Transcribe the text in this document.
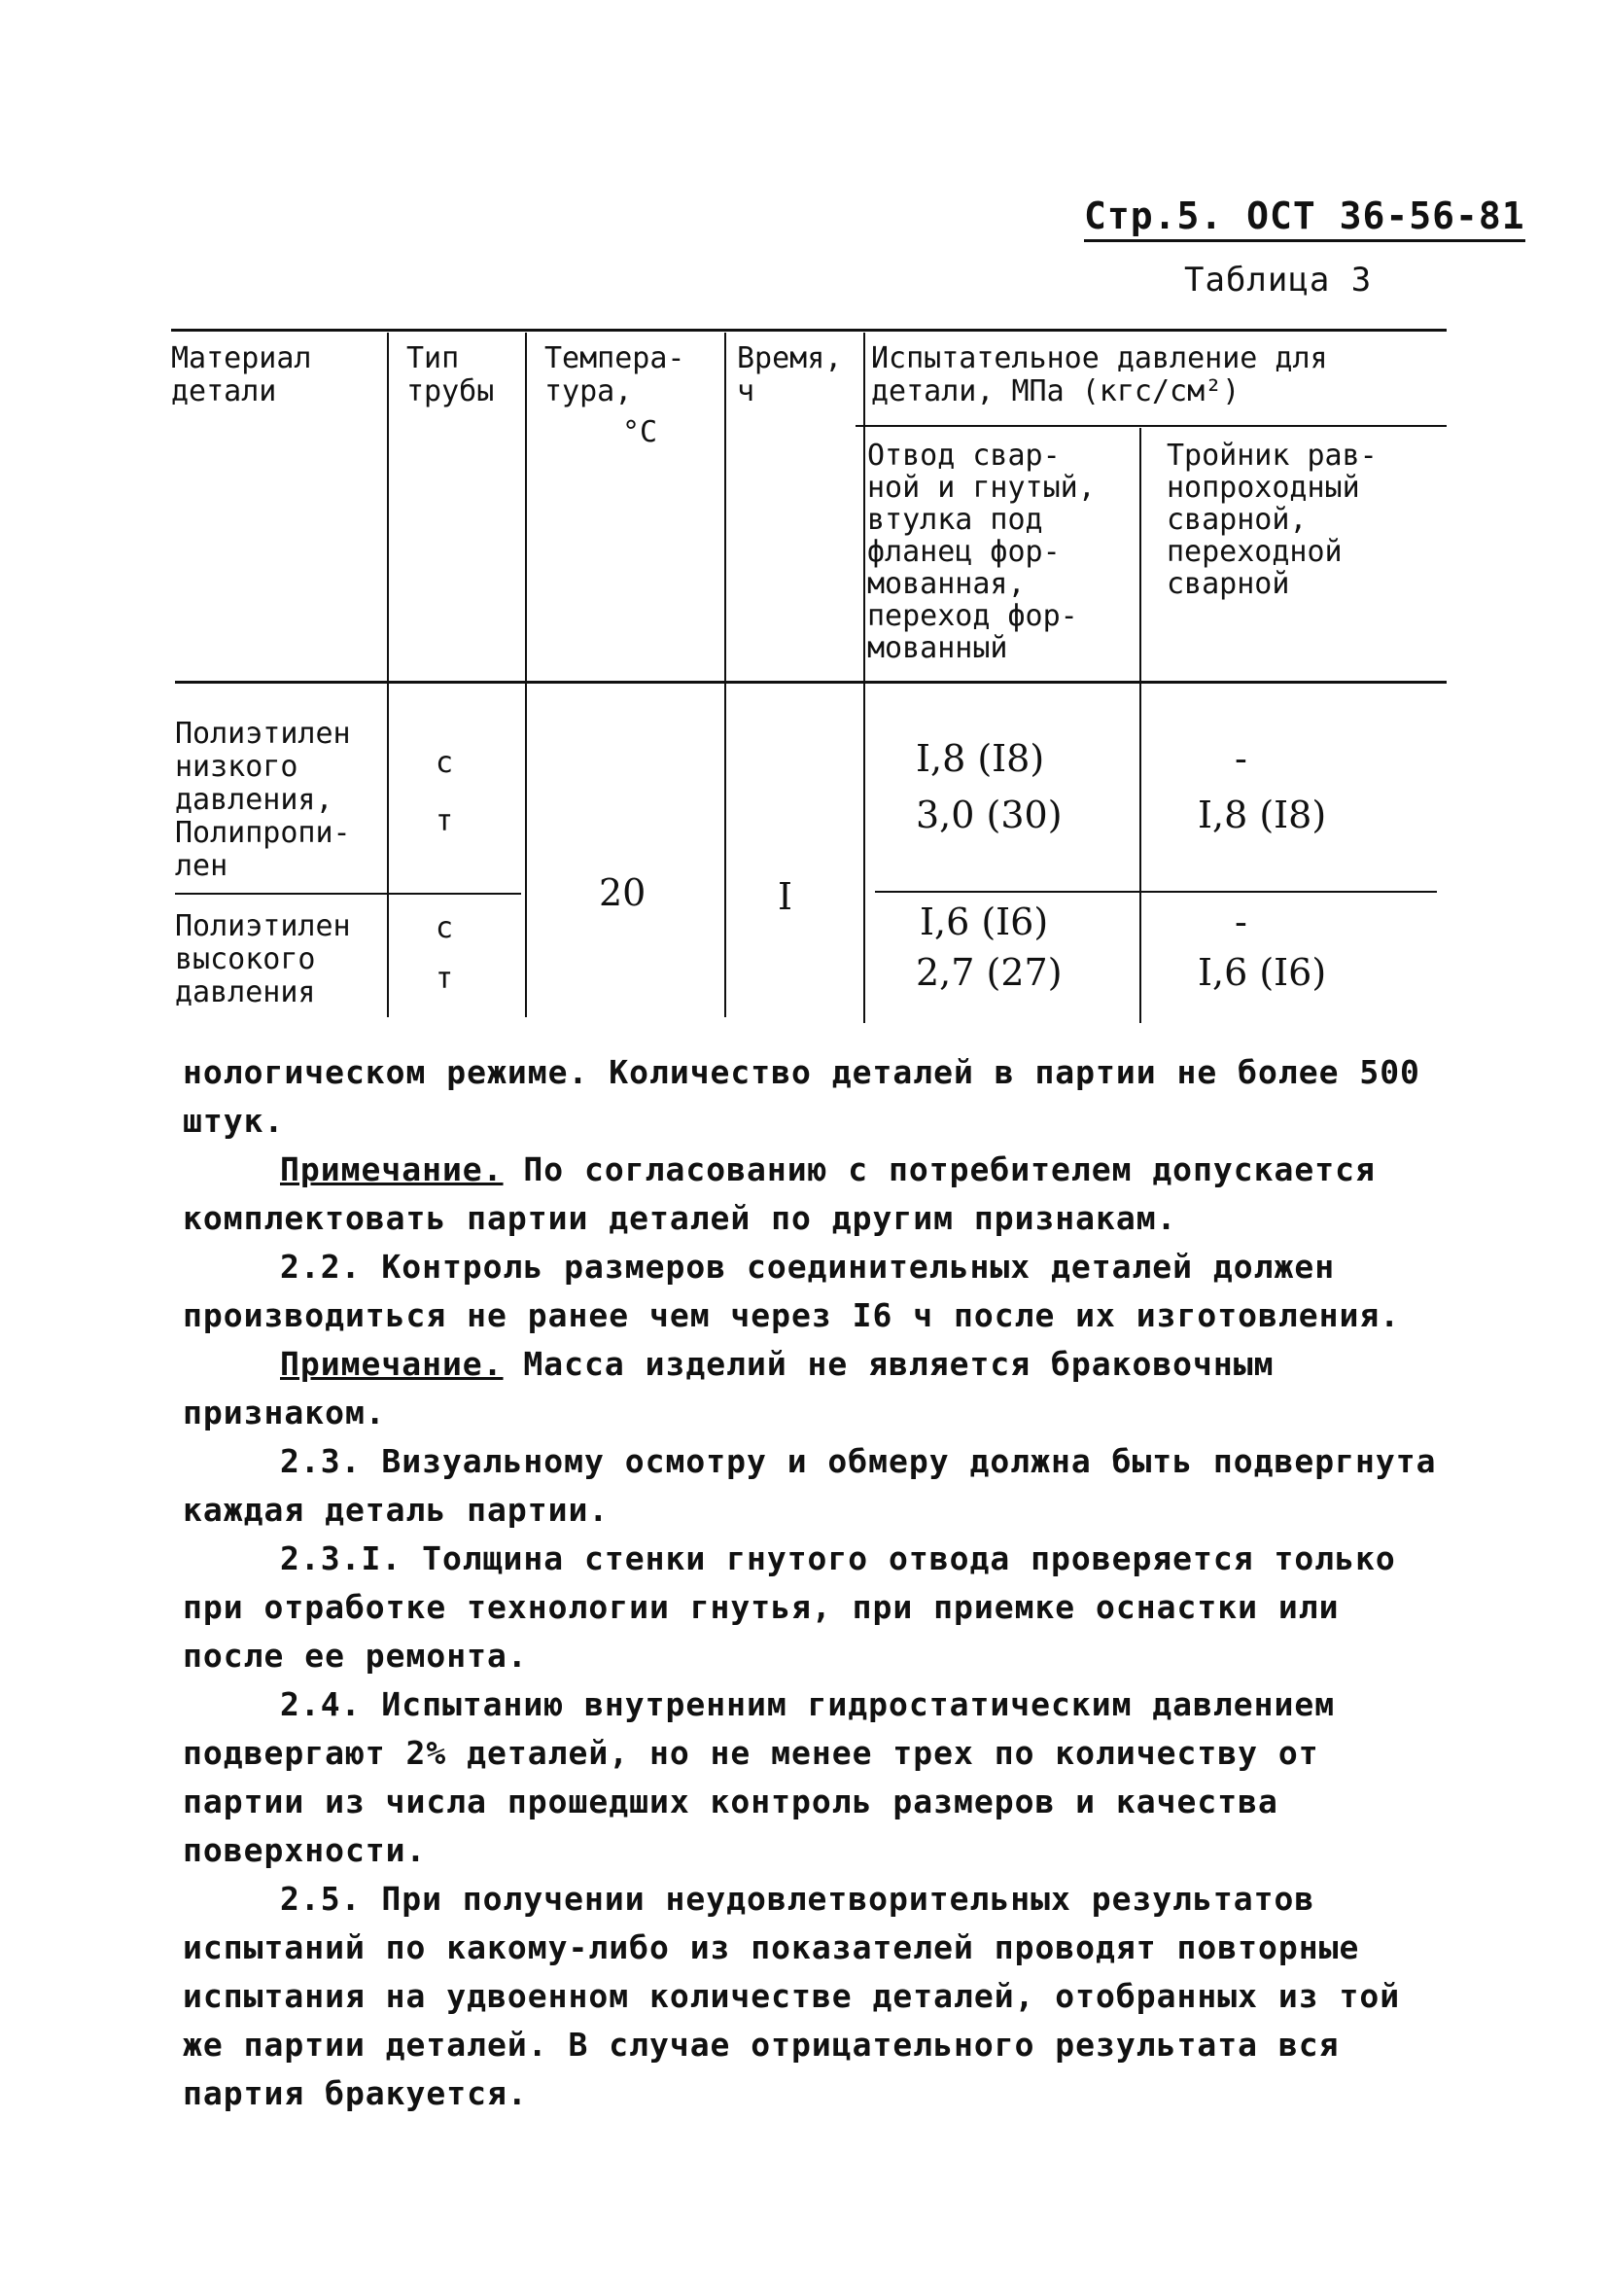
Стр.5. ОСТ 36-56-81
Таблица 3
Материал
детали
Тип
трубы
Темпера-
тура,
°C
Время,
ч
Испытательное давление для
детали, МПа (кгс/см²)
Отвод свар-
ной и гнутый,
втулка под
фланец фор-
мованная,
переход фор-
мованный
Тройник рав-
нопроходный
сварной,
переходной
сварной
Полиэтилен
низкого
давления,
Полипропи-
лен
с
т
I,8 (I8)
3,0 (30)
-
I,8 (I8)
20	I
Полиэтилен
высокого
давления
с
т
I,6 (I6)
2,7 (27)
-
I,6 (I6)

нологическом режиме. Количество деталей в партии не более 500 штук.

Примечание. По согласованию с потребителем допускается комплектовать партии деталей по другим признакам.

2.2. Контроль размеров соединительных деталей должен производиться не ранее чем через I6 ч после их изготовления.

Примечание. Масса изделий не является браковочным признаком.

2.3. Визуальному осмотру и обмеру должна быть подвергнута каждая деталь партии.

2.3.I. Толщина стенки гнутого отвода проверяется только при отработке технологии гнутья, при приемке оснастки или после ее ремонта.

2.4. Испытанию внутренним гидростатическим давлением подвергают 2% деталей, но не менее трех по количеству от партии из числа прошедших контроль размеров и качества поверхности.

2.5. При получении неудовлетворительных результатов испытаний по какому-либо из показателей проводят повторные испытания на удвоенном количестве деталей, отобранных из той же партии деталей. В случае отрицательного результата вся партия бракуется.
